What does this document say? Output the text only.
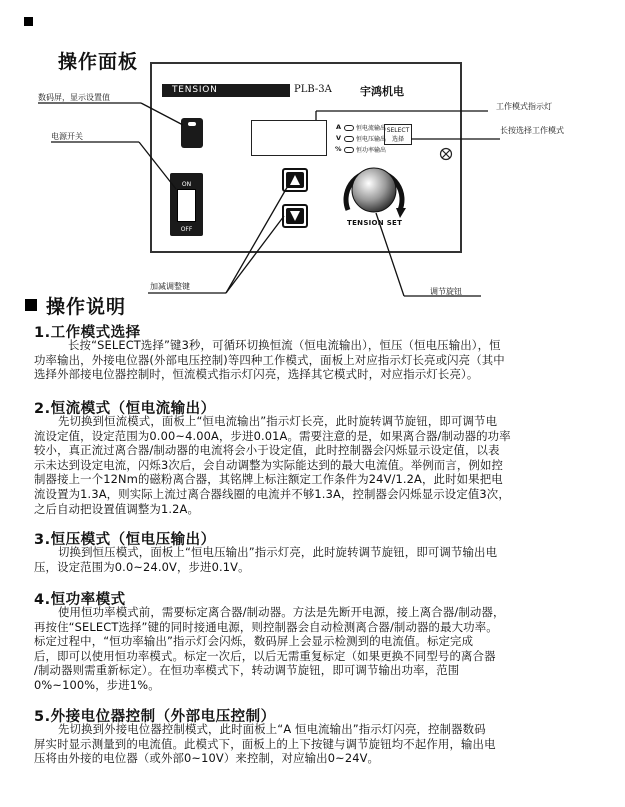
操作面板
数码屏，显示设置值
电源开关
工作模式指示灯
长按选择工作模式
加减调整键
调节旋钮
TENSION CONTROLLER
PLB-3A	宇鸿机电
A 恒电流输出
V 恒电压输出
% 恒功率输出
SELECT
选择
ON
OFF
TENSION SET
操作说明
1.工作模式选择

长按“SELECT选择”键3秒，可循环切换恒流（恒电流输出），恒压（恒电压输出），恒

功率输出，外接电位器(外部电压控制)等四种工作模式，面板上对应指示灯长亮或闪亮（其中

选择外部接电位器控制时，恒流模式指示灯闪亮，选择其它模式时，对应指示灯长亮）。

2.恒流模式（恒电流输出）

先切换到恒流模式，面板上“恒电流输出”指示灯长亮，此时旋转调节旋钮，即可调节电

流设定值，设定范围为0.00~4.00A，步进0.01A。需要注意的是，如果离合器/制动器的功率

较小，真正流过离合器/制动器的电流将会小于设定值，此时控制器会闪烁显示设定值，以表

示未达到设定电流，闪烁3次后，会自动调整为实际能达到的最大电流值。举例而言，例如控

制器接上一个12Nm的磁粉离合器，其铭牌上标注额定工作条件为24V/1.2A，此时如果把电

流设置为1.3A，则实际上流过离合器线圈的电流并不够1.3A，控制器会闪烁显示设定值3次，

之后自动把设置值调整为1.2A。

3.恒压模式（恒电压输出）

切换到恒压模式，面板上“恒电压输出”指示灯亮，此时旋转调节旋钮，即可调节输出电

压，设定范围为0.0~24.0V，步进0.1V。

4.恒功率模式

使用恒功率模式前，需要标定离合器/制动器。方法是先断开电源，接上离合器/制动器，

再按住“SELECT选择”键的同时接通电源，则控制器会自动检测离合器/制动器的最大功率。

标定过程中，“恒功率输出”指示灯会闪烁，数码屏上会显示检测到的电流值。标定完成

后，即可以使用恒功率模式。标定一次后，以后无需重复标定（如果更换不同型号的离合器

/制动器则需重新标定）。在恒功率模式下，转动调节旋钮，即可调节输出功率，范围

0%~100%，步进1%。

5.外接电位器控制（外部电压控制）

先切换到外接电位器控制模式，此时面板上“A 恒电流输出”指示灯闪亮，控制器数码

屏实时显示测量到的电流值。此模式下，面板上的上下按键与调节旋钮均不起作用，输出电

压将由外接的电位器（或外部0~10V）来控制，对应输出0~24V。
